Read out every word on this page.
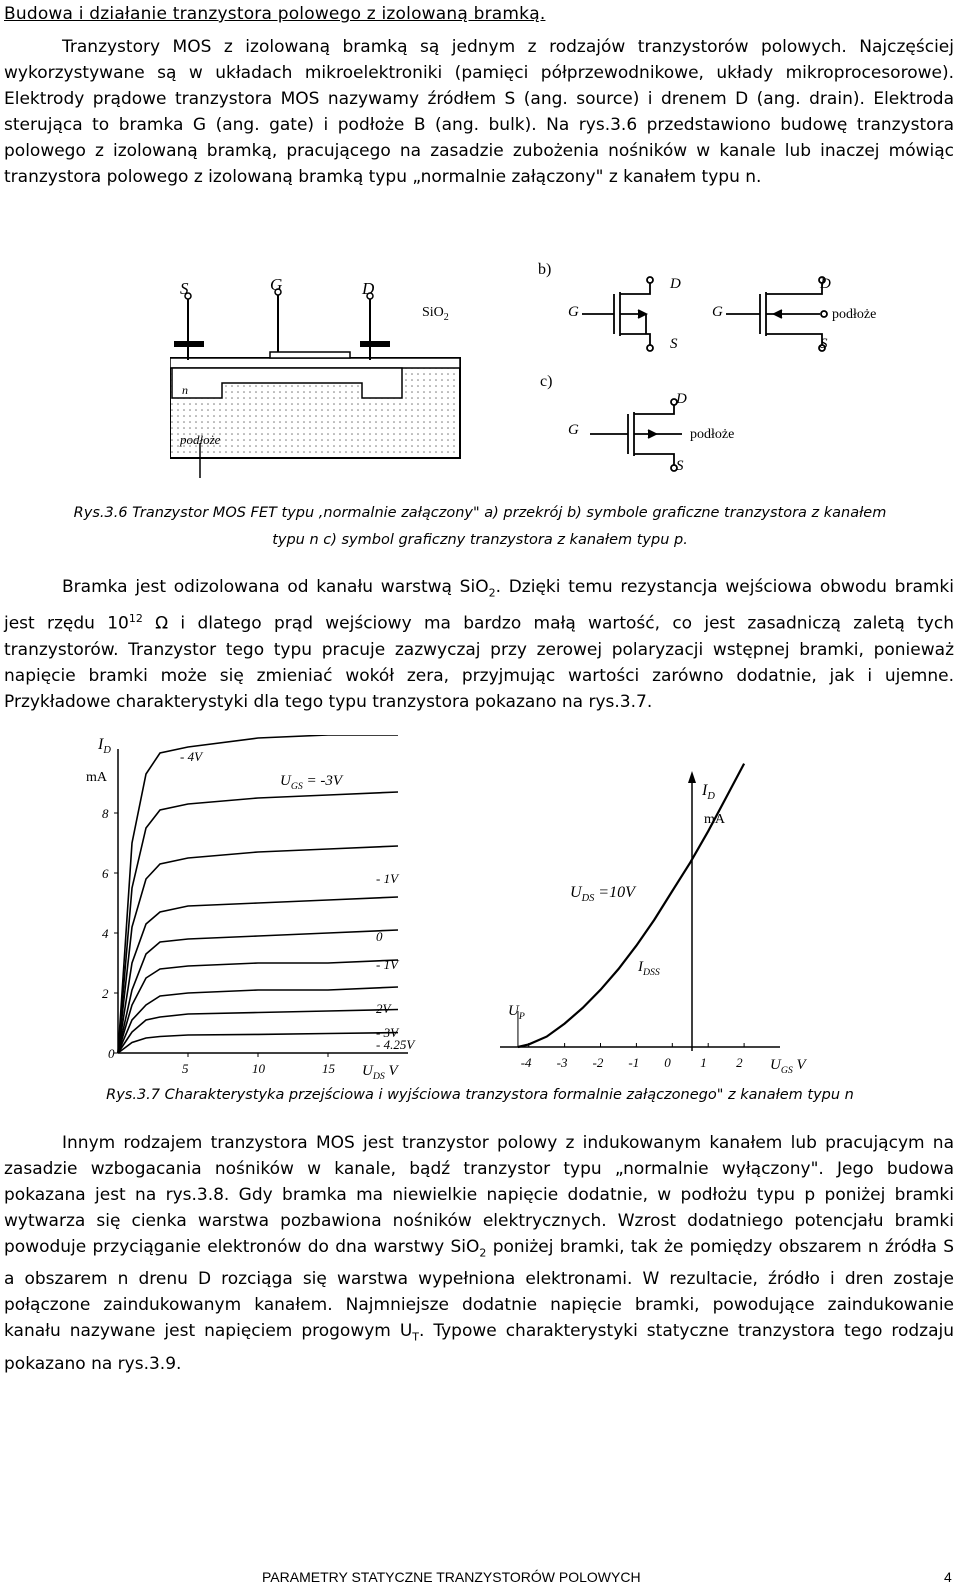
Budowa i działanie tranzystora polowego z izolowaną bramką.

Tranzystory MOS z izolowaną bramką są jednym z rodzajów tranzystorów polowych. Najczęściej wykorzystywane są w układach mikroelektroniki (pamięci półprzewodnikowe, układy mikroprocesorowe). Elektrody prądowe tranzystora MOS nazywamy źródłem S (ang. source) i drenem D (ang. drain). Elektroda sterująca to bramka G (ang. gate) i podłoże B (ang. bulk). Na rys.3.6 przedstawiono budowę tranzystora polowego z izolowaną bramką, pracującego na zasadzie zubożenia nośników w kanale lub inaczej mówiąc tranzystora polowego z izolowaną bramką typu „normalnie załączony" z kanałem typu n.

S	G	D
SiO$_2$
n
podłoże
b)
G
D
S
G
D
S
podłoże
c)
G
D
S
podłoże
Rys.3.6 Tranzystor MOS FET typu ‚normalnie załączony" a) przekrój b) symbole graficzne tranzystora z kanałem
typu n c) symbol graficzny tranzystora z kanałem typu p.

Bramka jest odizolowana od kanału warstwą SiO$_2$. Dzięki temu rezystancja wejściowa obwodu bramki jest rzędu $10^{12}$ Ω i dlatego prąd wejściowy ma bardzo małą wartość, co jest zasadniczą zaletą tych tranzystorów. Tranzystor tego typu pracuje zazwyczaj przy zerowej polaryzacji wstępnej bramki, ponieważ napięcie bramki może się zmieniać wokół zera, przyjmując wartości zarówno dodatnie, jak i ujemne. Przykładowe charakterystyki dla tego typu tranzystora pokazano na rys.3.7.

$I_D$
mA
8
6
4
2
0
5	10	15 $U_{DS}$ V
- 4V
- 1V
0
- 1V
2V
- 3V
- 4.25V
$U_{GS} = -3V$
$I_D$
mA
-4 -3 -2 -1 0 1 2 $U_{GS}$ V
$U_P$
$I_{DSS}$
$U_{DS} =10V$
Rys.3.7 Charakterystyka przejściowa i wyjściowa tranzystora formalnie załączonego" z kanałem typu n

Innym rodzajem tranzystora MOS jest tranzystor polowy z indukowanym kanałem lub pracującym na zasadzie wzbogacania nośników w kanale, bądź tranzystor typu „normalnie wyłączony". Jego budowa pokazana jest na rys.3.8. Gdy bramka ma niewielkie napięcie dodatnie, w podłożu typu p poniżej bramki wytwarza się cienka warstwa pozbawiona nośników elektrycznych. Wzrost dodatniego potencjału bramki powoduje przyciąganie elektronów do dna warstwy SiO$_2$ poniżej bramki, tak że pomiędzy obszarem n źródła S a obszarem n drenu D rozciąga się warstwa wypełniona elektronami. W rezultacie, źródło i dren zostaje połączone zaindukowanym kanałem. Najmniejsze dodatnie napięcie bramki, powodujące zaindukowanie kanału nazywane jest napięciem progowym $U_T$. Typowe charakterystyki statyczne tranzystora tego rodzaju pokazano na rys.3.9.

PARAMETRY STATYCZNE TRANZYSTORÓW POLOWYCH	4
